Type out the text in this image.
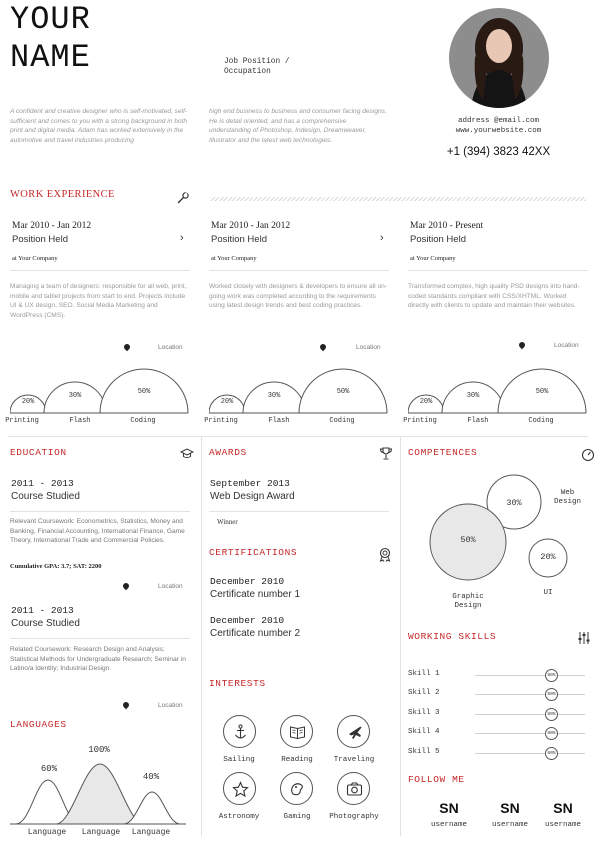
YOUR
NAME	Job Position /
Occupation
A confident and creative designer who is self-motivated, self-sufficient and comes to you with a strong background in both print and digital media. Adam has worked extensively in the automotive and travel industries producing
high end business to business and consumer facing designs. He is detail oriented, and has a comprehensive understanding of Photoshop, Indesign, Dreamweaver, Illustrator and the latest web technologies.
address @email.com
www.yourwebsite.com
+1 (394) 3823 42XX
WORK EXPERIENCE
Mar 2010 - Jan 2012
Position Held	›
at Your Company
Managing a team of designers: responsible for all web, print, mobile and tablet projects from start to end. Projects include UI & UX design, SEO, Social Media Marketing and WordPress (CMS).
Location
Mar 2010 - Jan 2012
Position Held	›
at Your Company
Worked closely with designers & developers to ensure all on-going work was completed according to the requirements using latest design trends and best coding practices.
Location
Mar 2010 - Present
Position Held
at Your Company
Transformed complex, high quality PSD designs into hand-coded standards compliant with CSS/XHTML. Worked directly with clients to update and maintain their websites.
Location
20%
30%	50%
Printing	Flash	Coding
20%
30%	50%
Printing	Flash	Coding
20%
30%	50%
Printing	Flash	Coding
EDUCATION
2011 - 2013
Course Studied
Relevant Coursework: Econometrics, Statistics, Money and Banking, Financial Accounting, International Finance, Game Theory, International Trade and Commercial Policies.
Cumulative GPA: 3.7; SAT: 2200
Location
2011 - 2013
Course Studied
Related Coursework: Research Design and Analysis; Statistical Methods for Undergraduate Research; Seminar in Latino/a Identity; Industrial Design.
Location
LANGUAGES
60%
100%
40%
Language	Language	Language
AWARDS
September 2013
Web Design Award
Winner
CERTIFICATIONS
December 2010
Certificate number 1
December 2010
Certificate number 2
INTERESTS
Sailing	Reading	Traveling
Astronomy	Gaming	Photography
COMPETENCES
30%
50%
20%
Web
Design
Graphic
Design
UI
WORKING SKILLS
Skill 1	80%
Skill 2	80%
Skill 3	80%
Skill 4	80%
Skill 5	80%
FOLLOW ME
SN
username
SN
username
SN
username
